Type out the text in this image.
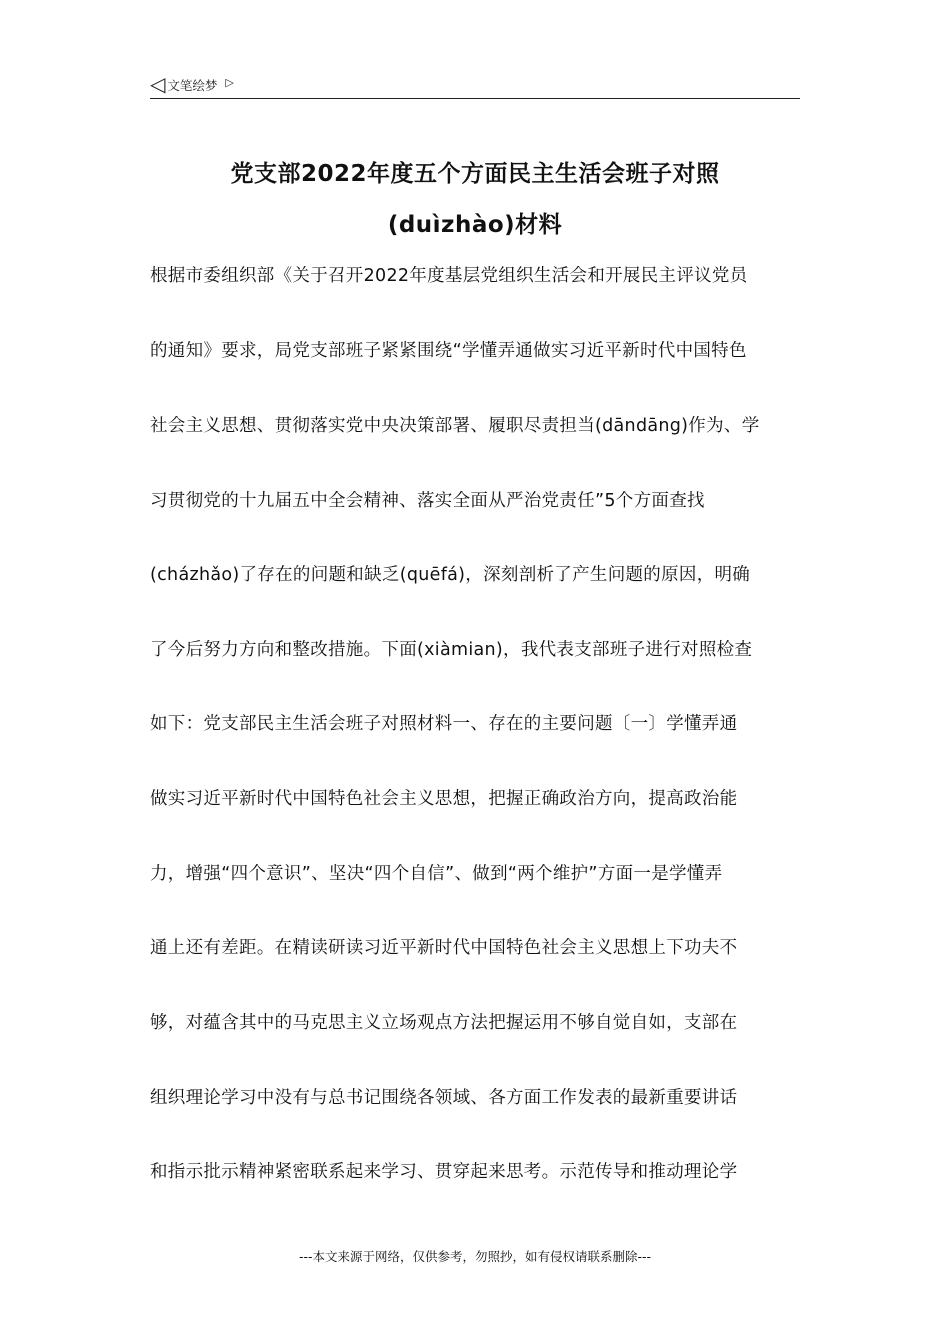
◁ 文笔绘梦 ▷
党支部2022年度五个方面民主生活会班子对照
(duìzhào)材料
根据市委组织部《关于召开2022年度基层党组织生活会和开展民主评议党员
的通知》要求，局党支部班子紧紧围绕“学懂弄通做实习近平新时代中国特色
社会主义思想、贯彻落实党中央决策部署、履职尽责担当(dāndāng)作为、学
习贯彻党的十九届五中全会精神、落实全面从严治党责任”5个方面查找
(cházhǎo)了存在的问题和缺乏(quēfá)，深刻剖析了产生问题的原因，明确
了今后努力方向和整改措施。下面(xiàmian)，我代表支部班子进行对照检查
如下：党支部民主生活会班子对照材料一、存在的主要问题〔一〕学懂弄通
做实习近平新时代中国特色社会主义思想，把握正确政治方向，提高政治能
力，增强“四个意识”、坚决“四个自信”、做到“两个维护”方面一是学懂弄
通上还有差距。在精读研读习近平新时代中国特色社会主义思想上下功夫不
够，对蕴含其中的马克思主义立场观点方法把握运用不够自觉自如，支部在
组织理论学习中没有与总书记围绕各领域、各方面工作发表的最新重要讲话
和指示批示精神紧密联系起来学习、贯穿起来思考。示范传导和推动理论学
---本文来源于网络，仅供参考，勿照抄，如有侵权请联系删除---
